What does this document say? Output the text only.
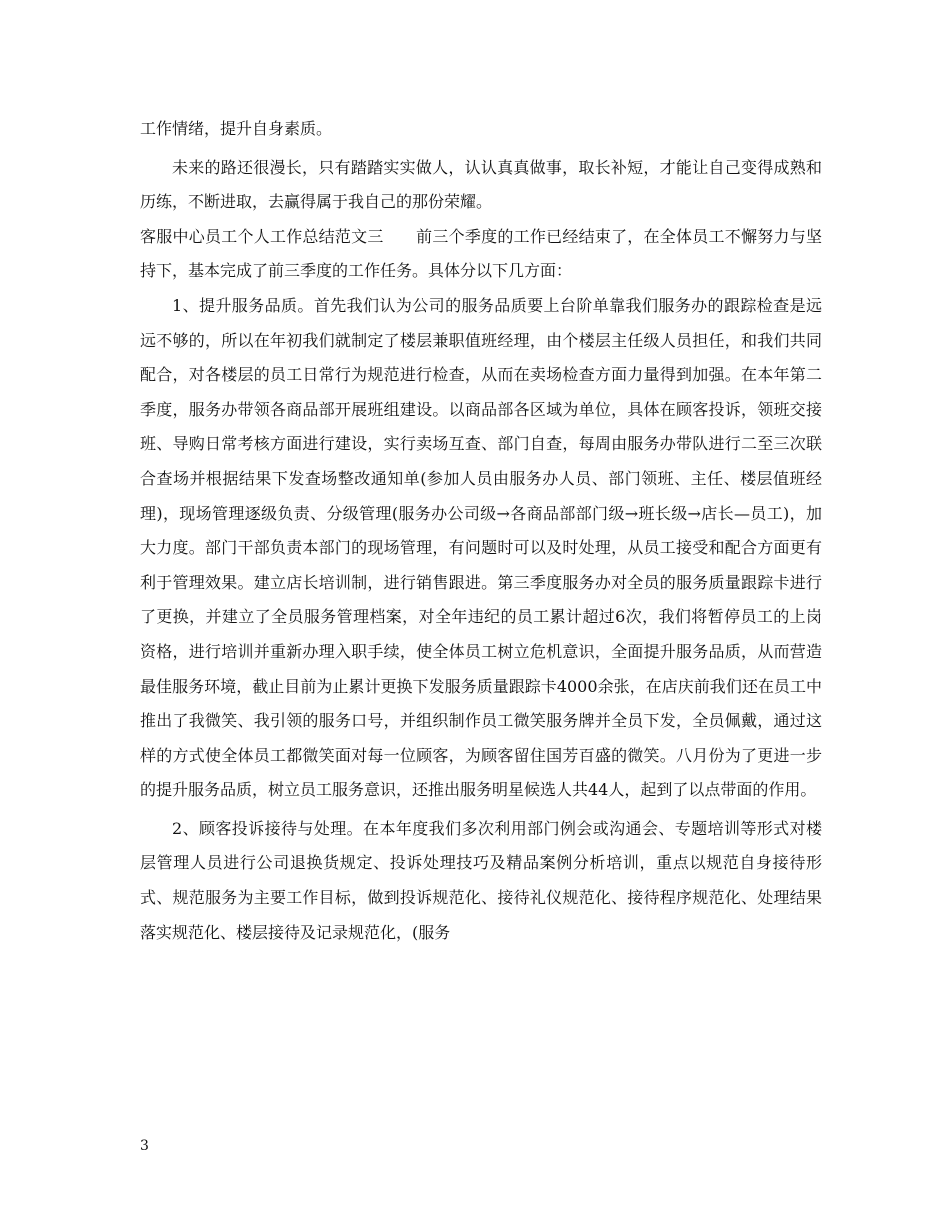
工作情绪，提升自身素质。

未来的路还很漫长，只有踏踏实实做人，认认真真做事，取长补短，才能让自己变得成熟和历练，不断进取，去赢得属于我自己的那份荣耀。

客服中心员工个人工作总结范文三　　前三个季度的工作已经结束了，在全体员工不懈努力与坚持下，基本完成了前三季度的工作任务。具体分以下几方面：

1、提升服务品质。首先我们认为公司的服务品质要上台阶单靠我们服务办的跟踪检查是远远不够的，所以在年初我们就制定了楼层兼职值班经理，由个楼层主任级人员担任，和我们共同配合，对各楼层的员工日常行为规范进行检查，从而在卖场检查方面力量得到加强。在本年第二季度，服务办带领各商品部开展班组建设。以商品部各区域为单位，具体在顾客投诉，领班交接班、导购日常考核方面进行建设，实行卖场互查、部门自查，每周由服务办带队进行二至三次联合查场并根据结果下发查场整改通知单(参加人员由服务办人员、部门领班、主任、楼层值班经理)，现场管理逐级负责、分级管理(服务办公司级→各商品部部门级→班长级→店长—员工)，加大力度。部门干部负责本部门的现场管理，有问题时可以及时处理，从员工接受和配合方面更有利于管理效果。建立店长培训制，进行销售跟进。第三季度服务办对全员的服务质量跟踪卡进行了更换，并建立了全员服务管理档案，对全年违纪的员工累计超过6次，我们将暂停员工的上岗资格，进行培训并重新办理入职手续，使全体员工树立危机意识，全面提升服务品质，从而营造最佳服务环境，截止目前为止累计更换下发服务质量跟踪卡4000余张，在店庆前我们还在员工中推出了我微笑、我引领的服务口号，并组织制作员工微笑服务牌并全员下发，全员佩戴，通过这样的方式使全体员工都微笑面对每一位顾客，为顾客留住国芳百盛的微笑。八月份为了更进一步的提升服务品质，树立员工服务意识，还推出服务明星候选人共44人，起到了以点带面的作用。

2、顾客投诉接待与处理。在本年度我们多次利用部门例会或沟通会、专题培训等形式对楼层管理人员进行公司退换货规定、投诉处理技巧及精品案例分析培训，重点以规范自身接待形式、规范服务为主要工作目标，做到投诉规范化、接待礼仪规范化、接待程序规范化、处理结果落实规范化、楼层接待及记录规范化，(服务

3
